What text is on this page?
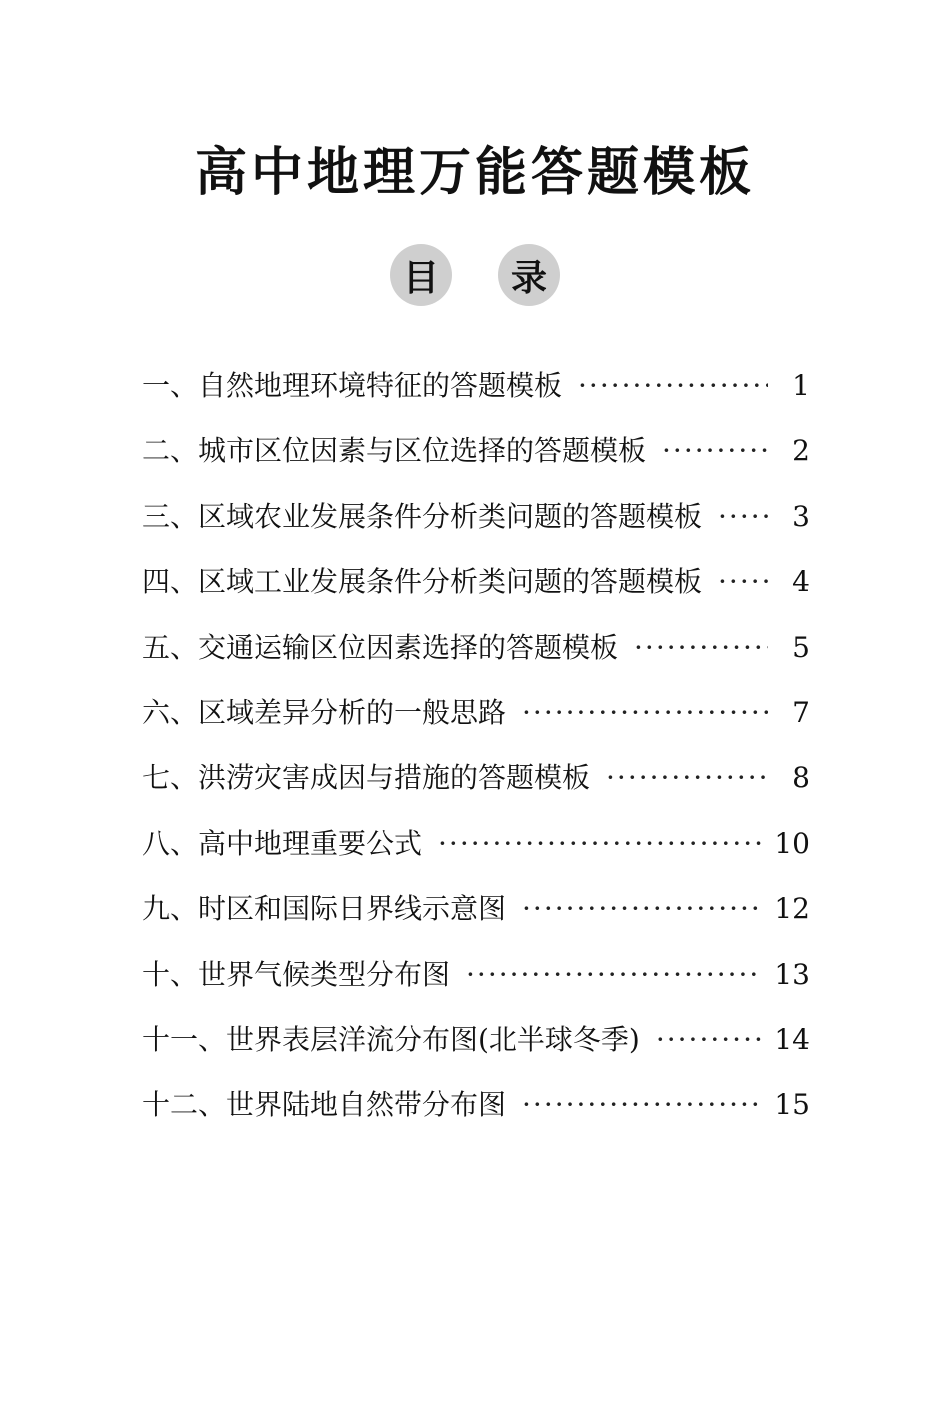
高中地理万能答题模板
目	录
一、自然地理环境特征的答题模板 ·····	1
二、城市区位因素与区位选择的答题模板 ·····	2
三、区域农业发展条件分析类问题的答题模板 ·····	3
四、区域工业发展条件分析类问题的答题模板 ·····	4
五、交通运输区位因素选择的答题模板 ·····	5
六、区域差异分析的一般思路 ·····	7
七、洪涝灾害成因与措施的答题模板 ·····	8
八、高中地理重要公式 ·····	10
九、时区和国际日界线示意图 ·····	12
十、世界气候类型分布图 ·····	13
十一、世界表层洋流分布图(北半球冬季) ·····	14
十二、世界陆地自然带分布图 ·····	15
